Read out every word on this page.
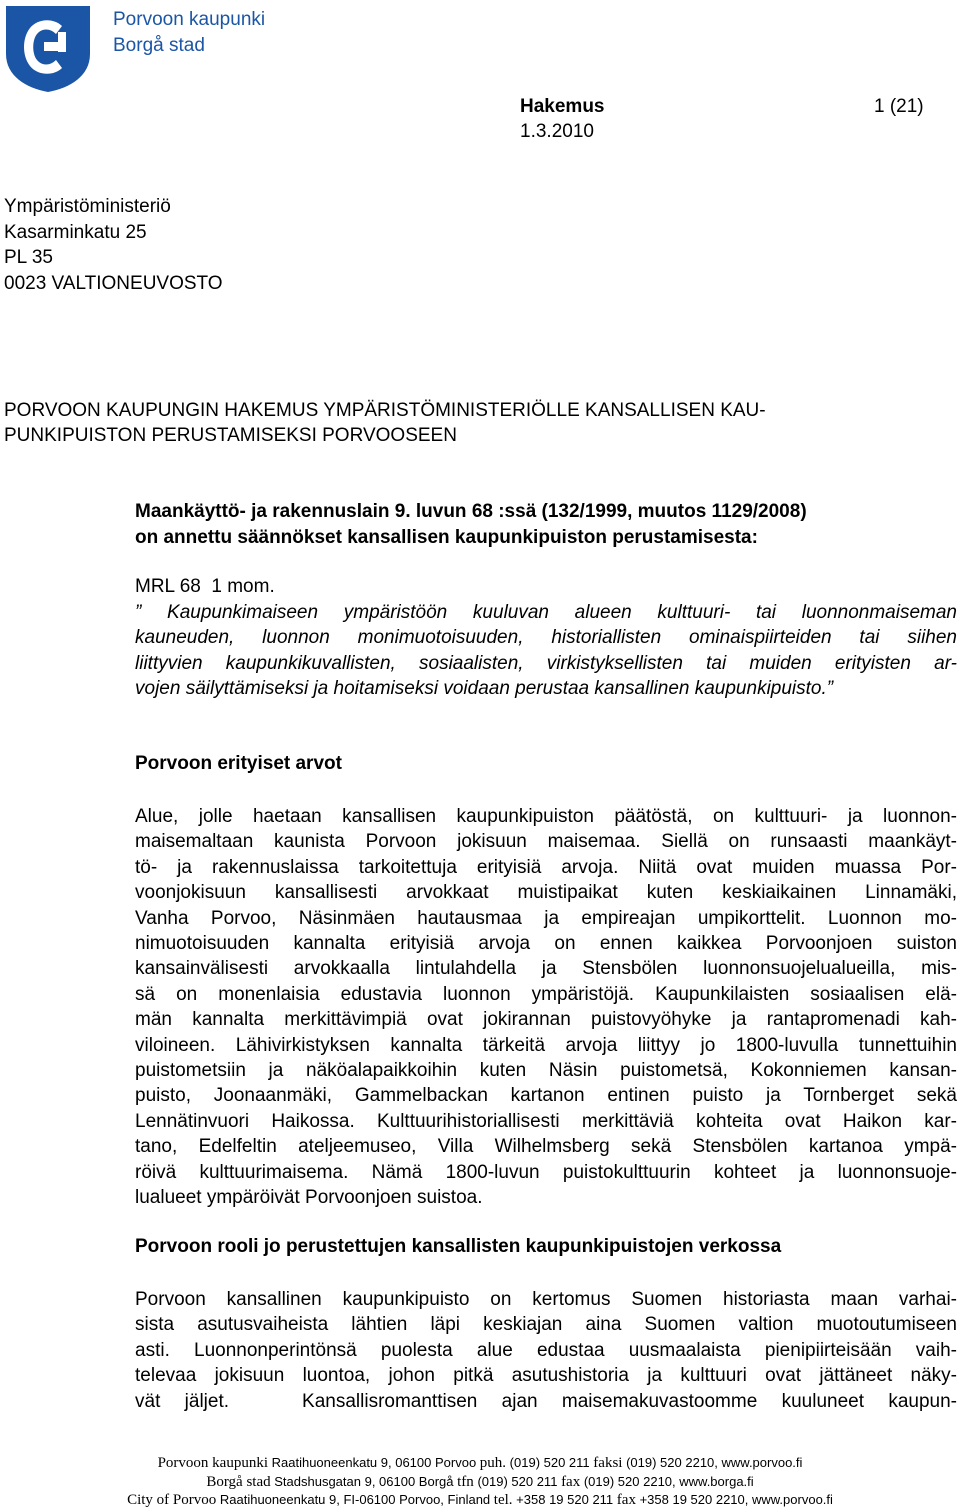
Porvoon kaupunki
Borgå stad
Hakemus	1 (21)
1.3.2010
Ympäristöministeriö
Kasarminkatu 25
PL 35
0023 VALTIONEUVOSTO
PORVOON KAUPUNGIN HAKEMUS YMPÄRISTÖMINISTERIÖLLE KANSALLISEN KAU-
PUNKIPUISTON PERUSTAMISEKSI PORVOOSEEN
Maankäyttö- ja rakennuslain 9. luvun 68 :ssä (132/1999, muutos 1129/2008)
on annettu säännökset kansallisen kaupunkipuiston perustamisesta:
MRL 68  1 mom.
” Kaupunkimaiseen ympäristöön kuuluvan alueen kulttuuri- tai luonnonmaiseman
kauneuden, luonnon monimuotoisuuden, historiallisten ominaispiirteiden tai siihen
liittyvien kaupunkikuvallisten, sosiaalisten, virkistyksellisten tai muiden erityisten ar-
vojen säilyttämiseksi ja hoitamiseksi voidaan perustaa kansallinen kaupunkipuisto.”
Porvoon erityiset arvot
Alue, jolle haetaan kansallisen kaupunkipuiston päätöstä, on kulttuuri- ja luonnon-
maisemaltaan kaunista Porvoon jokisuun maisemaa. Siellä on runsaasti maankäyt-
tö- ja rakennuslaissa tarkoitettuja erityisiä arvoja. Niitä ovat muiden muassa Por-
voonjokisuun kansallisesti arvokkaat muistipaikat kuten keskiaikainen Linnamäki,
Vanha Porvoo, Näsinmäen hautausmaa ja empireajan umpikorttelit. Luonnon mo-
nimuotoisuuden kannalta erityisiä arvoja on ennen kaikkea Porvoonjoen suiston
kansainvälisesti arvokkaalla lintulahdella ja Stensbölen luonnonsuojelualueilla, mis-
sä on monenlaisia edustavia luonnon ympäristöjä. Kaupunkilaisten sosiaalisen elä-
män kannalta merkittävimpiä ovat jokirannan puistovyöhyke ja rantapromenadi kah-
viloineen. Lähivirkistyksen kannalta tärkeitä arvoja liittyy jo 1800-luvulla tunnettuihin
puistometsiin ja näköalapaikkoihin kuten Näsin puistometsä, Kokonniemen kansan-
puisto, Joonaanmäki, Gammelbackan kartanon entinen puisto ja Tornberget sekä
Lennätinvuori Haikossa. Kulttuurihistoriallisesti merkittäviä kohteita ovat Haikon kar-
tano, Edelfeltin ateljeemuseo, Villa Wilhelmsberg sekä Stensbölen kartanoa ympä-
röivä kulttuurimaisema. Nämä 1800-luvun puistokulttuurin kohteet ja luonnonsuoje-
lualueet ympäröivät Porvoonjoen suistoa.
Porvoon rooli jo perustettujen kansallisten kaupunkipuistojen verkossa
Porvoon kansallinen kaupunkipuisto on kertomus Suomen historiasta maan varhai-
sista asutusvaiheista lähtien läpi keskiajan aina Suomen valtion muotoutumiseen
asti. Luonnonperintönsä puolesta alue edustaa uusmaalaista pienipiirteisään vaih-
televaa jokisuun luontoa, johon pitkä asutushistoria ja kulttuuri ovat jättäneet näky-
vät jäljet.   Kansallisromanttisen ajan maisemakuvastoomme kuuluneet kaupun-
Porvoon kaupunki Raatihuoneenkatu 9, 06100 Porvoo puh. (019) 520 211 faksi (019) 520 2210, www.porvoo.fi
Borgå stad Stadshusgatan 9, 06100 Borgå tfn (019) 520 211 fax (019) 520 2210, www.borga.fi
City of Porvoo Raatihuoneenkatu 9, FI-06100 Porvoo, Finland tel. +358 19 520 211 fax +358 19 520 2210, www.porvoo.fi
